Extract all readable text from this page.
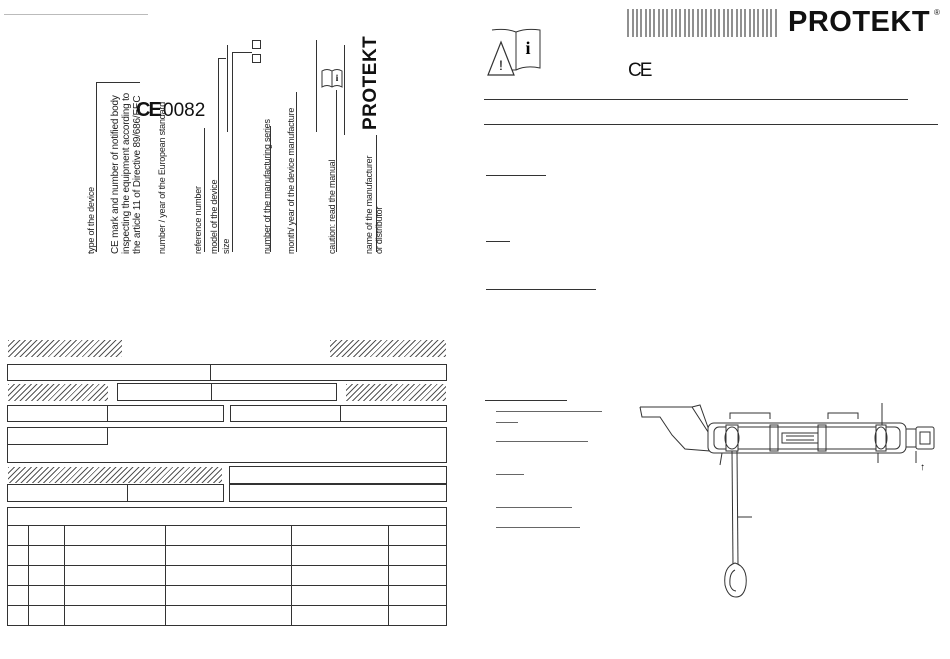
CE 0082
i PROTEKT
type of the device CE mark and number of notified body inspecting the equipment according to the article 11 of Directive 89/686/EEC number / year of the European standard	reference number model of the device size	number of the manufacturing series month/ year of the device manufacture	caution: read the manual	name of the manufacturer or distributor

i
!
PROTEKT ®
CE
↑
